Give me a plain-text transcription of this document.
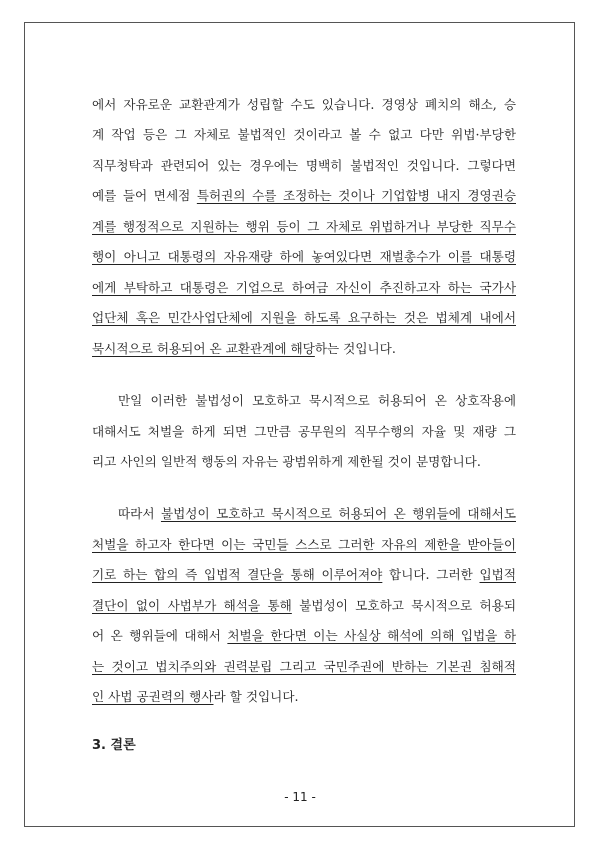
에서 자유로운 교환관계가 성립할 수도 있습니다. 경영상 폐치의 해소, 승
계 작업 등은 그 자체로 불법적인 것이라고 볼 수 없고 다만 위법·부당한
직무청탁과 관련되어 있는 경우에는 명백히 불법적인 것입니다. 그렇다면
예를 들어 면세점 특허권의 수를 조정하는 것이나 기업합병 내지 경영권승
계를 행정적으로 지원하는 행위 등이 그 자체로 위법하거나 부당한 직무수
행이 아니고 대통령의 자유재량 하에 놓여있다면 재벌총수가 이를 대통령
에게 부탁하고 대통령은 기업으로 하여금 자신이 추진하고자 하는 국가사
업단체 혹은 민간사업단체에 지원을 하도록 요구하는 것은 법체계 내에서
묵시적으로 허용되어 온 교환관계에 해당하는 것입니다.
만일 이러한 불법성이 모호하고 묵시적으로 허용되어 온 상호작용에
대해서도 처벌을 하게 되면 그만큼 공무원의 직무수행의 자율 및 재량 그
리고 사인의 일반적 행동의 자유는 광범위하게 제한될 것이 분명합니다.
따라서 불법성이 모호하고 묵시적으로 허용되어 온 행위들에 대해서도
처벌을 하고자 한다면 이는 국민들 스스로 그러한 자유의 제한을 받아들이
기로 하는 합의 즉 입법적 결단을 통해 이루어져야 합니다. 그러한 입법적
결단이 없이 사법부가 해석을 통해 불법성이 모호하고 묵시적으로 허용되
어 온 행위들에 대해서 처벌을 한다면 이는 사실상 해석에 의해 입법을 하
는 것이고 법치주의와 권력분립 그리고 국민주권에 반하는 기본권 침해적
인 사법 공권력의 행사라 할 것입니다.
3. 결론
- 11 -
